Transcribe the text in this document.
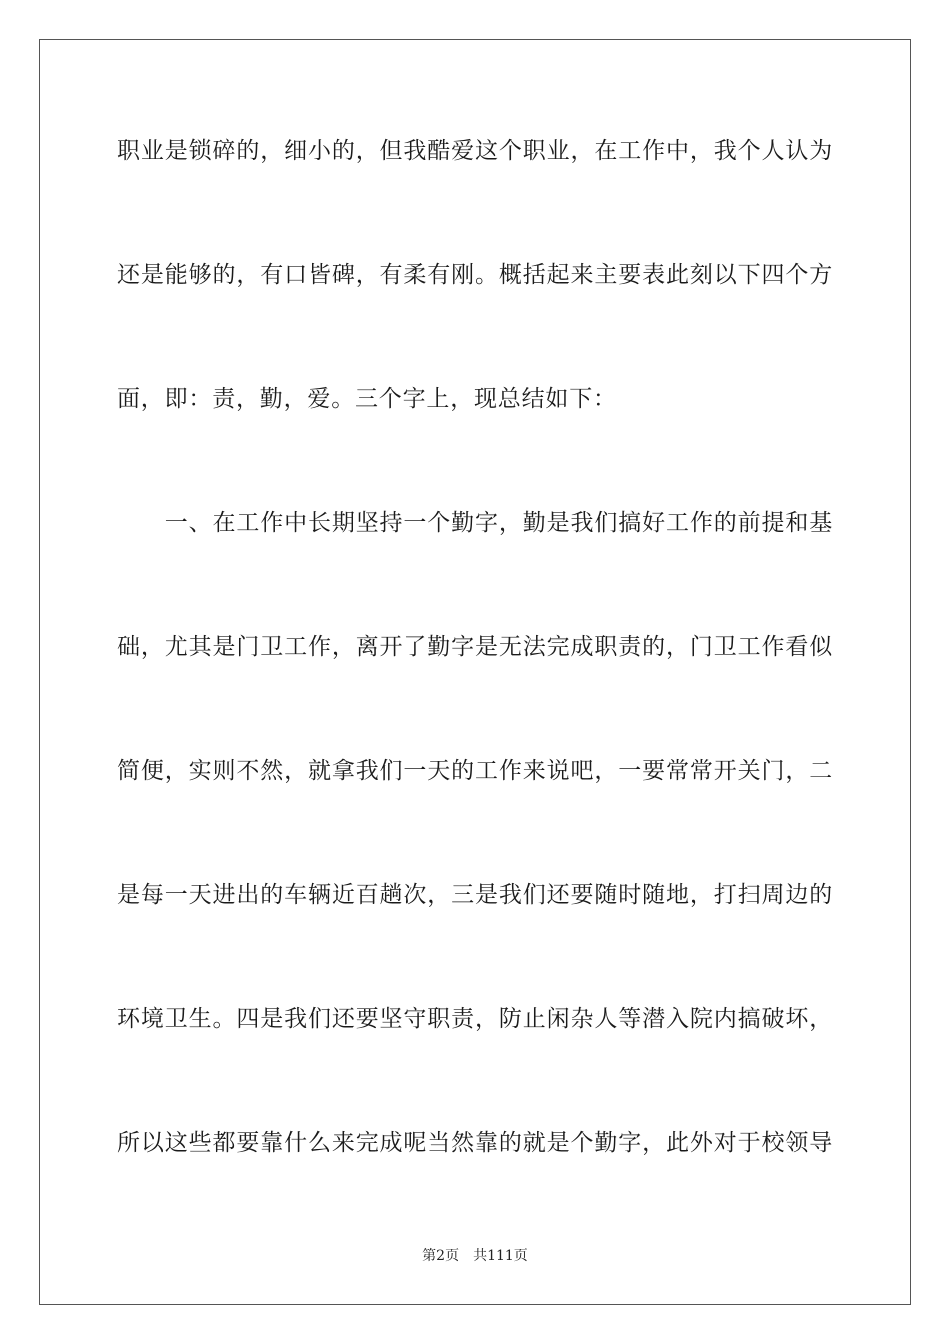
职业是锁碎的，细小的，但我酷爱这个职业，在工作中，我个人认为
还是能够的，有口皆碑，有柔有刚。概括起来主要表此刻以下四个方
面，即：责，勤，爱。三个字上，现总结如下：
　　一、在工作中长期坚持一个勤字，勤是我们搞好工作的前提和基
础，尤其是门卫工作，离开了勤字是无法完成职责的，门卫工作看似
简便，实则不然，就拿我们一天的工作来说吧，一要常常开关门，二
是每一天进出的车辆近百趟次，三是我们还要随时随地，打扫周边的
环境卫生。四是我们还要坚守职责，防止闲杂人等潜入院内搞破坏，
所以这些都要靠什么来完成呢当然靠的就是个勤字，此外对于校领导
第2页　共111页
